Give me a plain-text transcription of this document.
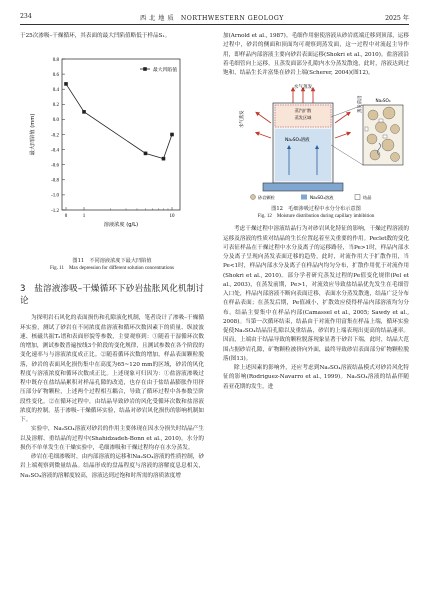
234	西 北 地 质　NORTHWESTERN GEOLOGY	2025 年

于25次渗吸–干燥循环，其表面的最大凹陷值略低于样品S₁。

0.8
0.6
0.4
0.2
0.0
-0.2
-0.4
-0.6
-0.8
-1.0
-1.2
0	1	10
溶液浓度 (g/L)
最大凹陷值 (mm)
最大凹陷值
图11　不同溶液浓度下最大凹陷值
Fig. 11　Max depression for different solution concentrations
3　盐溶液渗吸–干燥循环下砂岩盐胀风化机制讨论

为探明岩石风化的表面损伤和孔隙演化机制，笔者设计了渗吸–干燥循环实验，测试了砂岩在不同浓度盐溶液和循环次数因素下的质量、纵波波速、核磁共振T₂谱和表面形貌等参数，主要观察到：①随着干湿循环次数的增加，测试参数普遍按线3个阶段的变化规律，且测试参数在各个阶段的变化速率与与溶液浓度成正比。②随着循环次数的增加，样品表面颗粒脱落，砂岩的表面风化损伤集中在高度为65~120 mm的区域，砂岩的风化程度与溶液浓度和循环次数成正比。上述现象可归因为：①盐溶液渗吸过程中既存在盐结晶累积对样品孔隙的改造，也存在由于盐结晶膨胀作用挤压部分矿物颗粒，上述两个过程相互耦合，导致了循环过程中各参数呈阶段性变化。②在循环过程中，由结晶导致砂岩的风化受循环次数和盐溶液浓度的控制。基于渗吸–干燥循环实验，结晶对砂岩风化损伤的影响机制如下。

实验中，Na₂SO₄溶液对砂岩的作用主要体现在因水分损失时结晶产生以及溶解、重结晶的过程中(Shahidzadeh-Bonn et al., 2010)。水分的损伤不单单发生在干燥实验中，毛细渗吸和干燥过程均存在水分蒸发。

砂岩在毛细渗吸时，由内部溶液的运移和Na₂SO₄溶液的性质控制，砂岩上端观察到微量结晶。结晶形成的盘晶程度与溶液的溶解度息息相关，Na₂SO₄溶液的溶解度较高，溶液达到过饱和时所需的溶质浓度增

加(Arnold et al., 1987)。毛细作用驱使溶液从砂岩底端迁移到顶部，运移过程中，砂岩的侧面和顶面均可观察到蒸发面，这一过程中对流起主导作用，即样品内部溶液主要向砂岩表面运移(Shokri et al., 2010)。盐溶液沿着毛细管向上运移，且蒸发面部分孔隙内水分蒸发散逸，此时，溶液达到过饱和，结晶生长并富集在砂岩上端(Scherer, 2004)(图12)。

水气蒸发
水气蒸发
蒸发前沿
蒸汽扩散
蒸发区域
Na₂SO₄溶液
Na₂SO₄
砂岩颗粒	Na₂SO₄溶液	结晶
图12　毛细渗吸过程中水分分布示意图
Fig. 12　Moisture distribution during capillary imbibition

考虑干燥过程中溶液结晶行为对砂岩风化特征的影响，干燥过程溶液的运移及溶液的性质对结晶的生长位置起着至关重要的作用。Peclet数的变化可表征样品在干燥过程中水分及离子的运移路径，当Pe>1时，样品内部水分及离子呈现向蒸发表面迁移的趋势，此时，对流作用大于扩散作用，当Pe<1时，样品内部水分及离子在样品内均匀分布，扩散作用优于对流作用(Shokri et al., 2010)。部分学者研究蒸发过程的Pe值变化规律(Pel et al., 2003)，在蒸发前期，Pe>1，对流效应导致盐结晶优先发生在毛细管入口处，样品内部溶液不断向表面迁移，表面水分蒸发散逸，结晶广泛分布在样品表面；在蒸发后期，Pe值减小，扩散效应使得样品内部溶液均匀分布，结晶主要集中在样品内部(Camassel et al., 2005; Sawdy et al., 2008)。当第一次循环结束，结晶由于对流作用富集在样品上端，循环实验促使Na₂SO₄结晶沿孔隙以及重结晶，砂岩的上端表现出更高的结晶速率。因而，上端由于结晶导致的颗粒脱落现象显著于砂岩下端，此时，结晶大范围占据砂岩孔隙，矿物颗粒被挤向外面，最终导致砂岩表面部分矿物颗粒脱落(图13)。

除上述因素的影响外，还应考虑到Na₂SO₄溶液结晶模式对砂岩风化特征的影响(Rodriguez-Navarro et al., 1999)。Na₂SO₄溶液的结晶伴随着亚花期的发生，进
